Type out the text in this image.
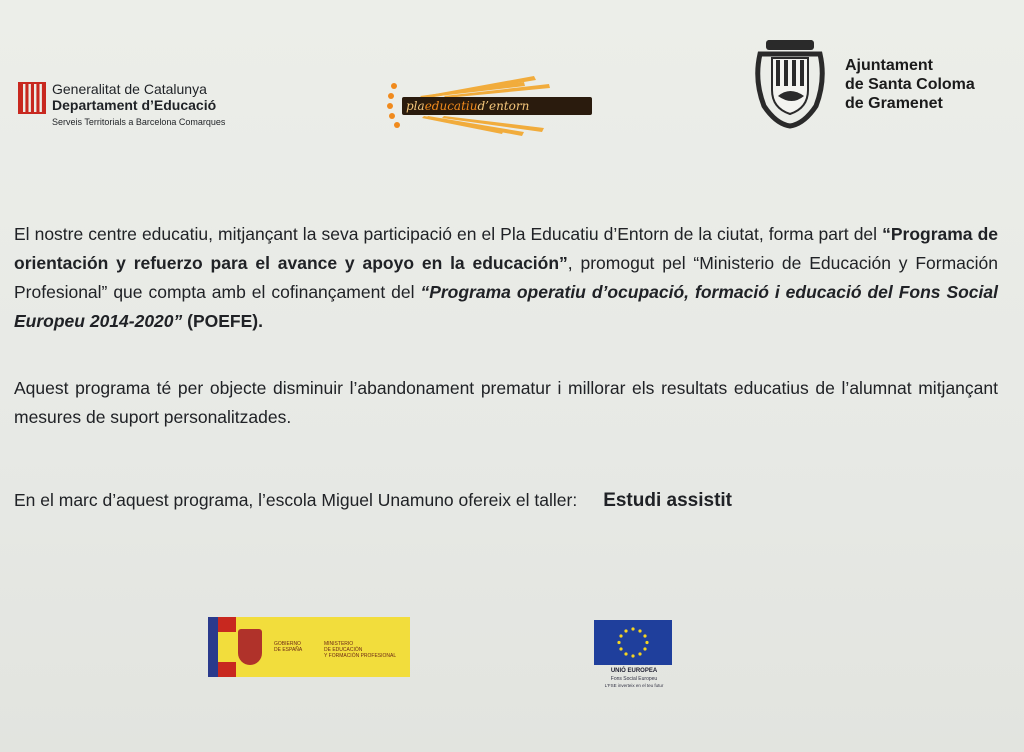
Generalitat de Catalunya
Departament d’Educació
Serveis Territorials a Barcelona Comarques
plaeducatiud’entorn
Ajuntament
de Santa Coloma
de Gramenet
El nostre centre educatiu, mitjançant la seva participació en el Pla Educatiu d’Entorn de la ciutat, forma part del “Programa de orientación y refuerzo para el avance y apoyo en la educación”, promogut pel “Ministerio de Educación y Formación Profesional” que compta amb el cofinançament del “Programa operatiu d’ocupació, formació i educació del Fons Social Europeu 2014-2020” (POEFE).
Aquest programa té per objecte disminuir l’abandonament prematur i millorar els resultats educatius de l’alumnat mitjançant mesures de suport personalitzades.
En el marc d’aquest programa, l’escola Miguel Unamuno ofereix el taller: Estudi assistit
GOBIERNO
DE ESPAÑA
MINISTERIO
DE EDUCACIÓN
Y FORMACIÓN PROFESIONAL
UNIÓ EUROPEA
Fons Social Europeu
L’FSE inverteix en el teu futur
